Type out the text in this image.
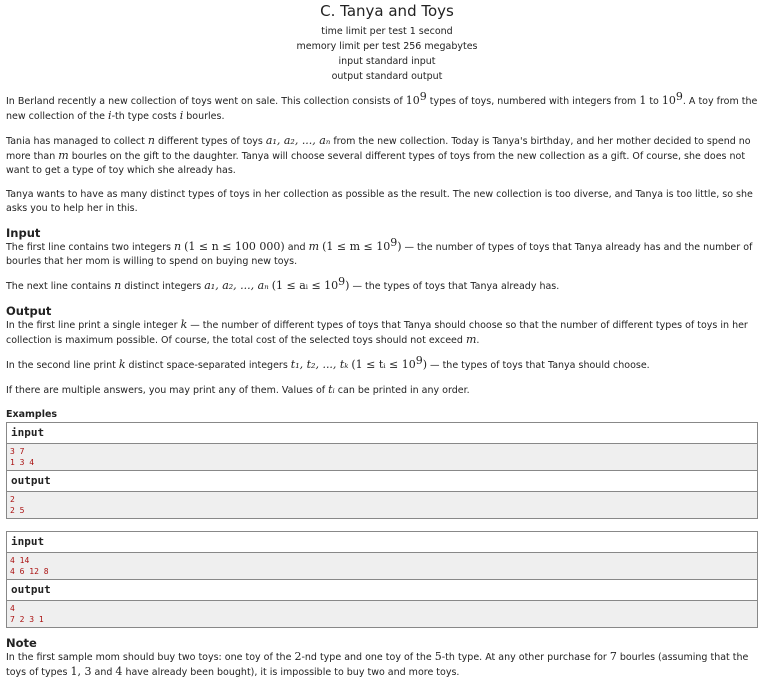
C. Tanya and Toys
time limit per test 1 second
memory limit per test 256 megabytes
input standard input
output standard output

In Berland recently a new collection of toys went on sale. This collection consists of $10^9$ types of toys, numbered with integers from 1 to $10^9$. A toy from the new collection of the i-th type costs i bourles.

Tania has managed to collect n different types of toys a₁, a₂, ..., aₙ from the new collection. Today is Tanya's birthday, and her mother decided to spend no more than m bourles on the gift to the daughter. Tanya will choose several different types of toys from the new collection as a gift. Of course, she does not want to get a type of toy which she already has.

Tanya wants to have as many distinct types of toys in her collection as possible as the result. The new collection is too diverse, and Tanya is too little, so she asks you to help her in this.

Input

The first line contains two integers n (1 ≤ n ≤ 100 000) and m $(1 \le m \le 10^9)$ — the number of types of toys that Tanya already has and the number of bourles that her mom is willing to spend on buying new toys.

The next line contains n distinct integers a₁, a₂, ..., aₙ (1 ≤ aᵢ ≤ $10^9$) — the types of toys that Tanya already has.

Output

In the first line print a single integer k — the number of different types of toys that Tanya should choose so that the number of different types of toys in her collection is maximum possible. Of course, the total cost of the selected toys should not exceed m.

In the second line print k distinct space-separated integers t₁, t₂, ..., tₖ (1 ≤ tᵢ ≤ $10^9$) — the types of toys that Tanya should choose.

If there are multiple answers, you may print any of them. Values of tᵢ can be printed in any order.

Examples
input
3 7
1 3 4
output
2
2 5
input
4 14
4 6 12 8
output
4
7 2 3 1
Note

In the first sample mom should buy two toys: one toy of the 2-nd type and one toy of the 5-th type. At any other purchase for 7 bourles (assuming that the toys of types 1, 3 and 4 have already been bought), it is impossible to buy two and more toys.
